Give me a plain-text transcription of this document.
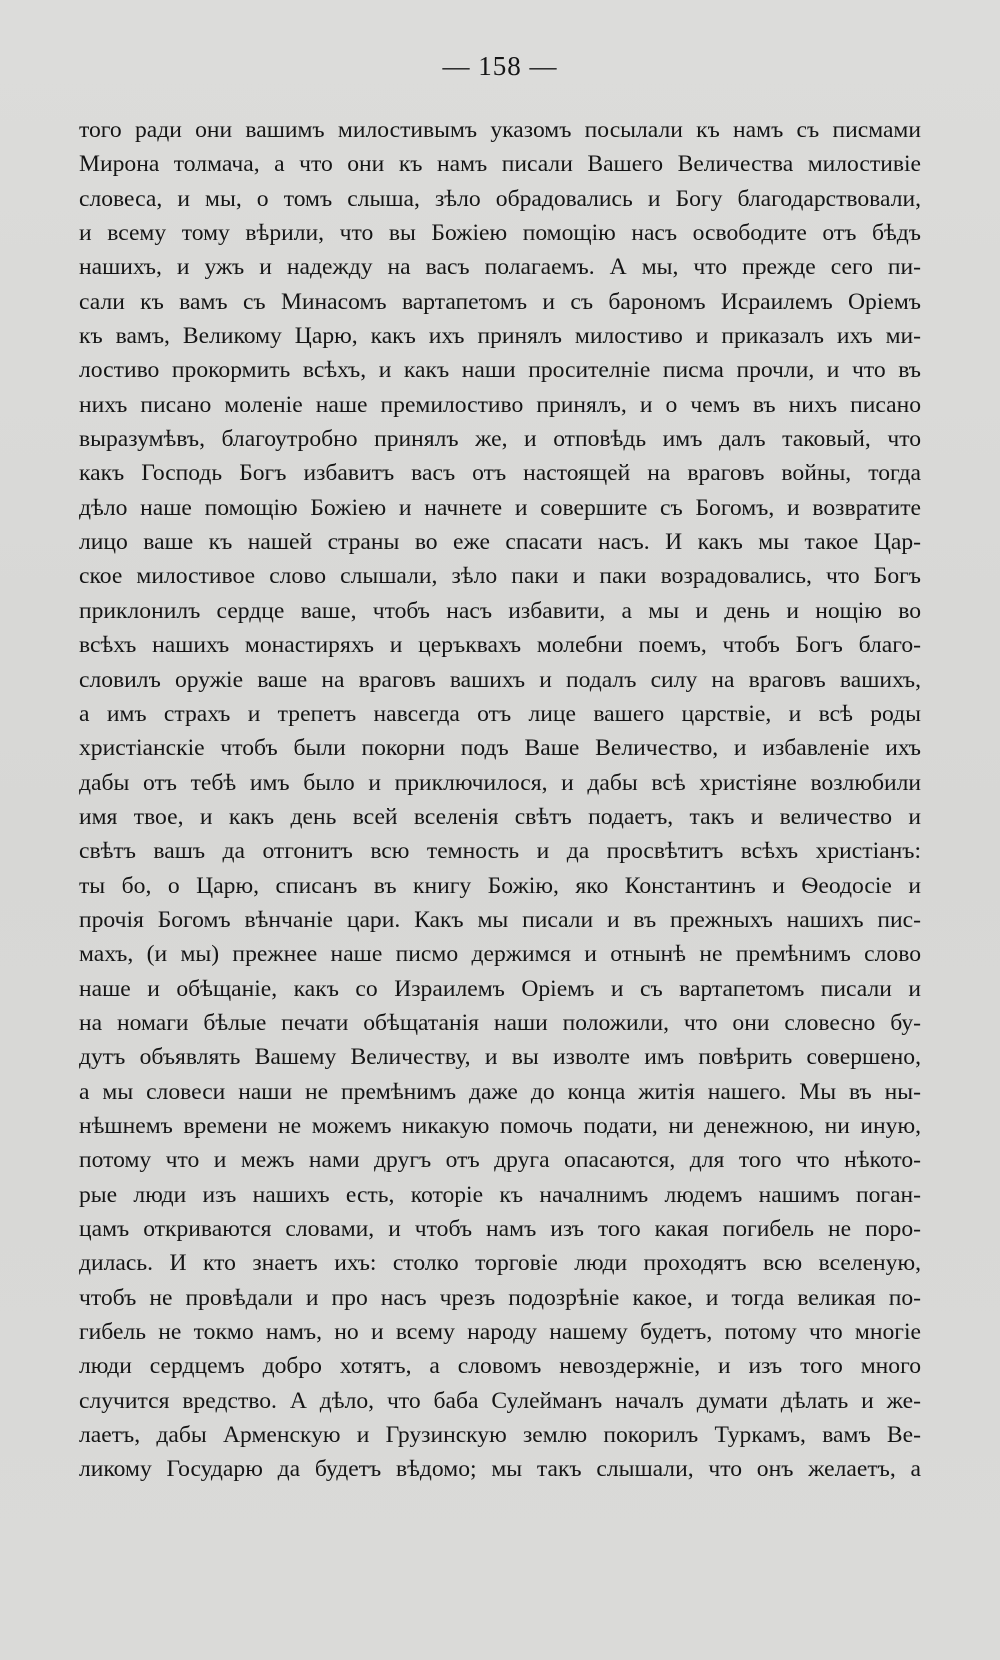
— 158 —
того ради они вашимъ милостивымъ указомъ посылали къ намъ съ писмами
Мирона толмача, а что они къ намъ писали Вашего Величества милостивіе
словеса, и мы, о томъ слыша, зѣло обрадовались и Богу благодарствовали,
и всему тому вѣрили, что вы Божіею помощію насъ освободите отъ бѣдъ
нашихъ, и ужъ и надежду на васъ полагаемъ. А мы, что прежде сего пи-
сали къ вамъ съ Минасомъ вартапетомъ и съ барономъ Исраилемъ Оріемъ
къ вамъ, Великому Царю, какъ ихъ принялъ милостиво и приказалъ ихъ ми-
лостиво прокормить всѣхъ, и какъ наши просителніе писма прочли, и что въ
нихъ писано моленіе наше премилостиво принялъ, и о чемъ въ нихъ писано
выразумѣвъ, благоутробно принялъ же, и отповѣдь имъ далъ таковый, что
какъ Господь Богъ избавитъ васъ отъ настоящей на враговъ войны, тогда
дѣло наше помощію Божіею и начнете и совершите съ Богомъ, и возвратите
лицо ваше къ нашей страны во еже спасати насъ. И какъ мы такое Цар-
ское милостивое слово слышали, зѣло паки и паки возрадовались, что Богъ
приклонилъ сердце ваше, чтобъ насъ избавити, а мы и день и нощію во
всѣхъ нашихъ монастиряхъ и церъквахъ молебни поемъ, чтобъ Богъ благо-
словилъ оружіе ваше на враговъ вашихъ и подалъ силу на враговъ вашихъ,
а имъ страхъ и трепетъ навсегда отъ лице вашего царствіе, и всѣ роды
христіанскіе чтобъ были покорни подъ Ваше Величество, и избавленіе ихъ
дабы отъ тебѣ имъ было и приключилося, и дабы всѣ христіяне возлюбили
имя твое, и какъ день всей вселенія свѣтъ подаетъ, такъ и величество и
свѣтъ вашъ да отгонитъ всю темность и да просвѣтитъ всѣхъ христіанъ:
ты бо, о Царю, списанъ въ книгу Божію, яко Константинъ и Ѳеодосіе и
прочія Богомъ вѣнчаніе цари. Какъ мы писали и въ прежныхъ нашихъ пис-
махъ, (и мы) прежнее наше писмо держимся и отнынѣ не премѣнимъ слово
наше и обѣщаніе, какъ со Израилемъ Оріемъ и съ вартапетомъ писали и
на номаги бѣлые печати обѣщатанія наши положили, что они словесно бу-
дутъ объявлять Вашему Величеству, и вы изволте имъ повѣрить совершено,
а мы словеси наши не премѣнимъ даже до конца житія нашего. Мы въ ны-
нѣшнемъ времени не можемъ никакую помочь подати, ни денежною, ни иную,
потому что и межъ нами другъ отъ друга опасаются, для того что нѣкото-
рые люди изъ нашихъ есть, которіе къ началнимъ людемъ нашимъ поган-
цамъ откриваются словами, и чтобъ намъ изъ того какая погибель не поро-
дилась. И кто знаетъ ихъ: столко торговіе люди проходятъ всю вселеную,
чтобъ не провѣдали и про насъ чрезъ подозрѣніе какое, и тогда великая по-
гибель не токмо намъ, но и всему народу нашему будетъ, потому что многіе
люди сердцемъ добро хотятъ, а словомъ невоздержніе, и изъ того много
случится вредство. А дѣло, что баба Сулейманъ началъ думати дѣлать и же-
лаетъ, дабы Арменскую и Грузинскую землю покорилъ Туркамъ, вамъ Ве-
ликому Государю да будетъ вѣдомо; мы такъ слышали, что онъ желаетъ, а
